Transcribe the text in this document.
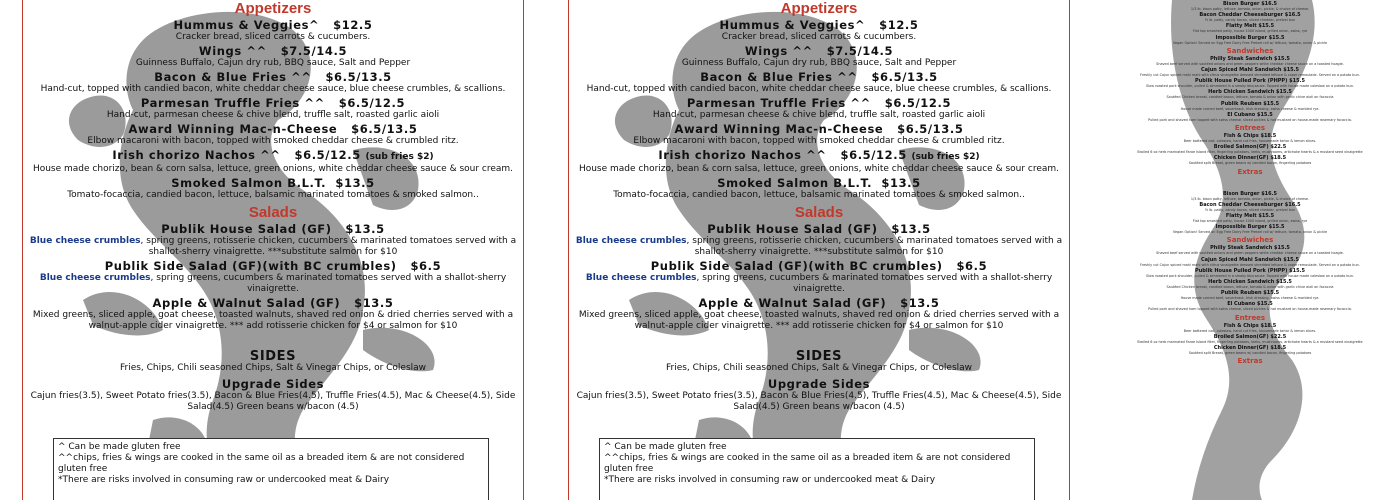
Appetizers
Hummus & Veggies^ $12.5
Cracker bread, sliced carrots & cucumbers.
Wings ^^ $7.5/14.5
Guinness Buffalo, Cajun dry rub, BBQ sauce, Salt and Pepper
Bacon & Blue Fries ^^ $6.5/13.5
Hand-cut, topped with candied bacon, white cheddar cheese sauce, blue cheese crumbles, & scallions.
Parmesan Truffle Fries ^^ $6.5/12.5
Hand-cut, parmesan cheese & chive blend, truffle salt, roasted garlic aioli
Award Winning Mac-n-Cheese $6.5/13.5
Elbow macaroni with bacon, topped with smoked cheddar cheese & crumbled ritz.
Irish chorizo Nachos ^^ $6.5/12.5 (sub fries $2)
House made chorizo, bean & corn salsa, lettuce, green onions, white cheddar cheese sauce & sour cream.
Smoked Salmon B.L.T. $13.5
Tomato-focaccia, candied bacon, lettuce, balsamic marinated tomatoes & smoked salmon..
Salads
Publik House Salad (GF) $13.5
Blue cheese crumbles, spring greens, rotisserie chicken, cucumbers & marinated tomatoes served with a shallot-sherry vinaigrette. ***substitute salmon for $10
Publik Side Salad (GF)(with BC crumbles) $6.5
Blue cheese crumbles, spring greens, cucumbers & marinated tomatoes served with a shallot-sherry vinaigrette.
Apple & Walnut Salad (GF) $13.5
Mixed greens, sliced apple, goat cheese, toasted walnuts, shaved red onion & dried cherries served with a walnut-apple cider vinaigrette. *** add rotisserie chicken for $4 or salmon for $10
SIDES
Fries, Chips, Chili seasoned Chips, Salt & Vinegar Chips, or Coleslaw
Upgrade Sides
Cajun fries(3.5), Sweet Potato fries(3.5), Bacon & Blue Fries(4.5), Truffle Fries(4.5), Mac & Cheese(4.5), Side Salad(4.5) Green beans w/bacon (4.5)
^ Can be made gluten free
^^chips, fries & wings are cooked in the same oil as a breaded item & are not considered gluten free
*There are risks involved in consuming raw or undercooked meat & Dairy
Appetizers
Hummus & Veggies^ $12.5
Cracker bread, sliced carrots & cucumbers.
Wings ^^ $7.5/14.5
Guinness Buffalo, Cajun dry rub, BBQ sauce, Salt and Pepper
Bacon & Blue Fries ^^ $6.5/13.5
Hand-cut, topped with candied bacon, white cheddar cheese sauce, blue cheese crumbles, & scallions.
Parmesan Truffle Fries ^^ $6.5/12.5
Hand-cut, parmesan cheese & chive blend, truffle salt, roasted garlic aioli
Award Winning Mac-n-Cheese $6.5/13.5
Elbow macaroni with bacon, topped with smoked cheddar cheese & crumbled ritz.
Irish chorizo Nachos ^^ $6.5/12.5 (sub fries $2)
House made chorizo, bean & corn salsa, lettuce, green onions, white cheddar cheese sauce & sour cream.
Smoked Salmon B.L.T. $13.5
Tomato-focaccia, candied bacon, lettuce, balsamic marinated tomatoes & smoked salmon..
Salads
Publik House Salad (GF) $13.5
Blue cheese crumbles, spring greens, rotisserie chicken, cucumbers & marinated tomatoes served with a shallot-sherry vinaigrette. ***substitute salmon for $10
Publik Side Salad (GF)(with BC crumbles) $6.5
Blue cheese crumbles, spring greens, cucumbers & marinated tomatoes served with a shallot-sherry vinaigrette.
Apple & Walnut Salad (GF) $13.5
Mixed greens, sliced apple, goat cheese, toasted walnuts, shaved red onion & dried cherries served with a walnut-apple cider vinaigrette. *** add rotisserie chicken for $4 or salmon for $10
SIDES
Fries, Chips, Chili seasoned Chips, Salt & Vinegar Chips, or Coleslaw
Upgrade Sides
Cajun fries(3.5), Sweet Potato fries(3.5), Bacon & Blue Fries(4.5), Truffle Fries(4.5), Mac & Cheese(4.5), Side Salad(4.5) Green beans w/bacon (4.5)
^ Can be made gluten free
^^chips, fries & wings are cooked in the same oil as a breaded item & are not considered gluten free
*There are risks involved in consuming raw or undercooked meat & Dairy
Bison Burger $16.5
1/3 lb. bison patty, lettuce, tomato, onion, pickle, & choice of cheese.
Bacon Cheddar Cheeseburger $16.5
½ lb. patty, candy bacon, sliced cheddar, pretzel bun
Flatty Melt $15.5
Flat top smashed patty, house 1000 island, grilled onion, swiss, rye
Impossible Burger $15.5
Vegan Option! Served on Egg Free Dairy Free Pretzel roll w/ lettuce, tomato, onion & pickle
Sandwiches
Philly Steak Sandwich $15.5
Shaved beef served with sautéed onions and green peppers white cheddar cheese sauce on a toasted hoagie.
Cajun Spiced Mahi Sandwich $15.5
Freshly cut Cajun spiced mahi mahi with citrus vinaigrette dressed shredded lettuce & caper remoulade. Served on a potato bun.
Publik House Pulled Pork (PHPP) $15.5
Slow roasted pork shoulder, pulled & simmered in a smoky bbq sauce. Topped with house made coleslaw on a potato bun.
Herb Chicken Sandwich $15.5
Sautéed Chicken breast, candied bacon, lettuce, tomato & onion with garlic chive aioli on focaccia
Publik Reuben $15.5
House made corned beef, sauerkraut, Irish dressing, swiss cheese & marbled rye.
El Cubano $15.5
Pulled pork and shaved ham topped with swiss cheese, sliced pickles & hot mustard on house-made rosemary focaccia.
Entrees
Fish & Chips $18.5
Beer battered cod, coleslaw, hand cut fries, housemade tartar & lemon slices.
Broiled Salmon(GF) $22.5
Broiled 6 oz herb marinated Faroe Island fillet, fingerling potatoes, leeks, mushrooms, artichoke hearts & a mustard seed vinaigrette
Chicken Dinner(GF) $18.5
Sautéed split Breast, green beans w/ candied bacon, fingerling potatoes
Extras
Bison Burger $16.5
1/3 lb. bison patty, lettuce, tomato, onion, pickle, & choice of cheese.
Bacon Cheddar Cheeseburger $16.5
½ lb. patty, candy bacon, sliced cheddar, pretzel bun
Flatty Melt $15.5
Flat top smashed patty, house 1000 island, grilled onion, swiss, rye
Impossible Burger $15.5
Vegan Option! Served on Egg Free Dairy Free Pretzel roll w/ lettuce, tomato, onion & pickle
Sandwiches
Philly Steak Sandwich $15.5
Shaved beef served with sautéed onions and green peppers white cheddar cheese sauce on a toasted hoagie.
Cajun Spiced Mahi Sandwich $15.5
Freshly cut Cajun spiced mahi mahi with citrus vinaigrette dressed shredded lettuce & caper remoulade. Served on a potato bun.
Publik House Pulled Pork (PHPP) $15.5
Slow roasted pork shoulder, pulled & simmered in a smoky bbq sauce. Topped with house made coleslaw on a potato bun.
Herb Chicken Sandwich $15.5
Sautéed Chicken breast, candied bacon, lettuce, tomato & onion with garlic chive aioli on focaccia
Publik Reuben $15.5
House made corned beef, sauerkraut, Irish dressing, swiss cheese & marbled rye.
El Cubano $15.5
Pulled pork and shaved ham topped with swiss cheese, sliced pickles & hot mustard on house-made rosemary focaccia.
Entrees
Fish & Chips $18.5
Beer battered cod, coleslaw, hand cut fries, housemade tartar & lemon slices.
Broiled Salmon(GF) $22.5
Broiled 6 oz herb marinated Faroe Island fillet, fingerling potatoes, leeks, mushrooms, artichoke hearts & a mustard seed vinaigrette
Chicken Dinner(GF) $18.5
Sautéed split Breast, green beans w/ candied bacon, fingerling potatoes
Extras
